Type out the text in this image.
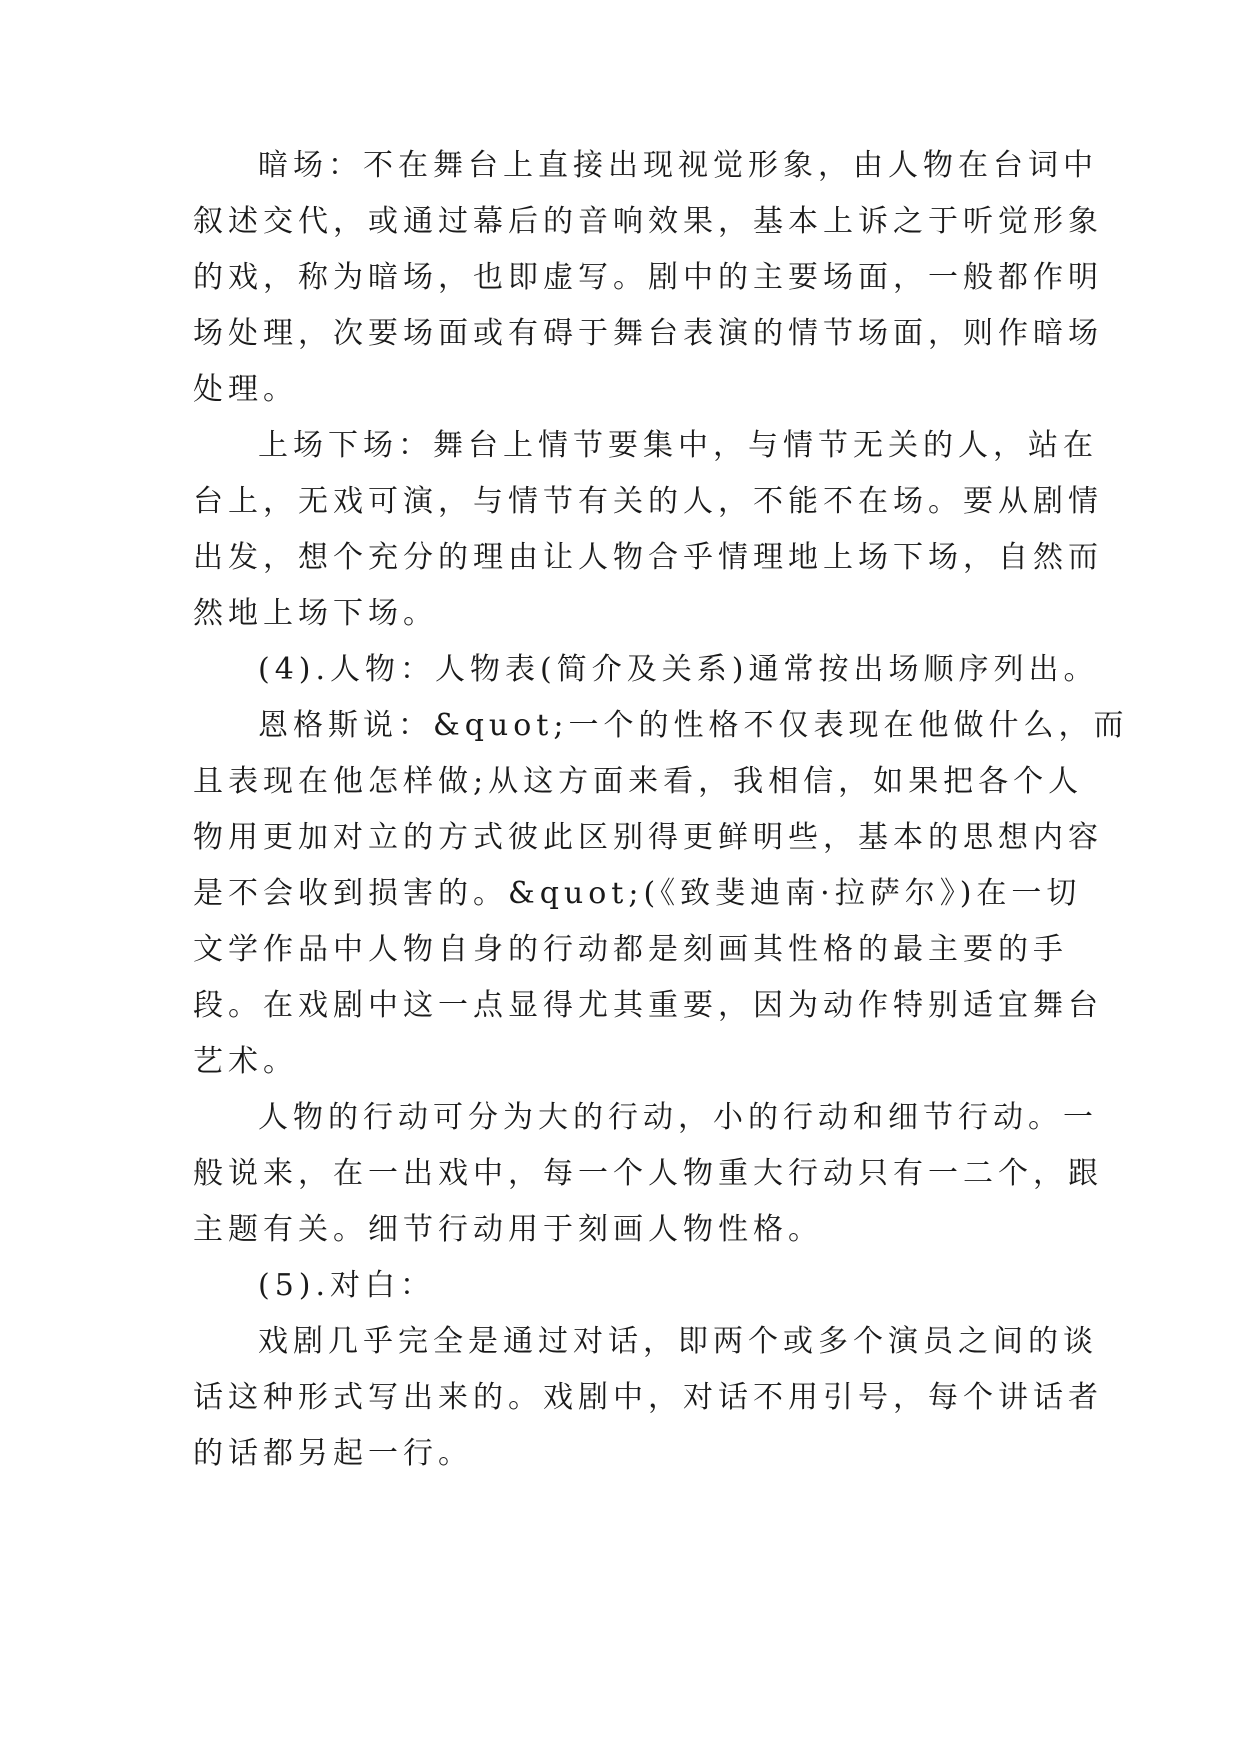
暗场：不在舞台上直接出现视觉形象，由人物在台词中

叙述交代，或通过幕后的音响效果，基本上诉之于听觉形象

的戏，称为暗场，也即虚写。剧中的主要场面，一般都作明

场处理，次要场面或有碍于舞台表演的情节场面，则作暗场

处理。

上场下场：舞台上情节要集中，与情节无关的人，站在

台上，无戏可演，与情节有关的人，不能不在场。要从剧情

出发，想个充分的理由让人物合乎情理地上场下场，自然而

然地上场下场。

(4).人物：人物表(简介及关系)通常按出场顺序列出。

恩格斯说：&quot;一个的性格不仅表现在他做什么，而

且表现在他怎样做;从这方面来看，我相信，如果把各个人

物用更加对立的方式彼此区别得更鲜明些，基本的思想内容

是不会收到损害的。&quot;(《致斐迪南·拉萨尔》)在一切

文学作品中人物自身的行动都是刻画其性格的最主要的手

段。在戏剧中这一点显得尤其重要，因为动作特别适宜舞台

艺术。

人物的行动可分为大的行动，小的行动和细节行动。一

般说来，在一出戏中，每一个人物重大行动只有一二个，跟

主题有关。细节行动用于刻画人物性格。

(5).对白：

戏剧几乎完全是通过对话，即两个或多个演员之间的谈

话这种形式写出来的。戏剧中，对话不用引号，每个讲话者

的话都另起一行。
